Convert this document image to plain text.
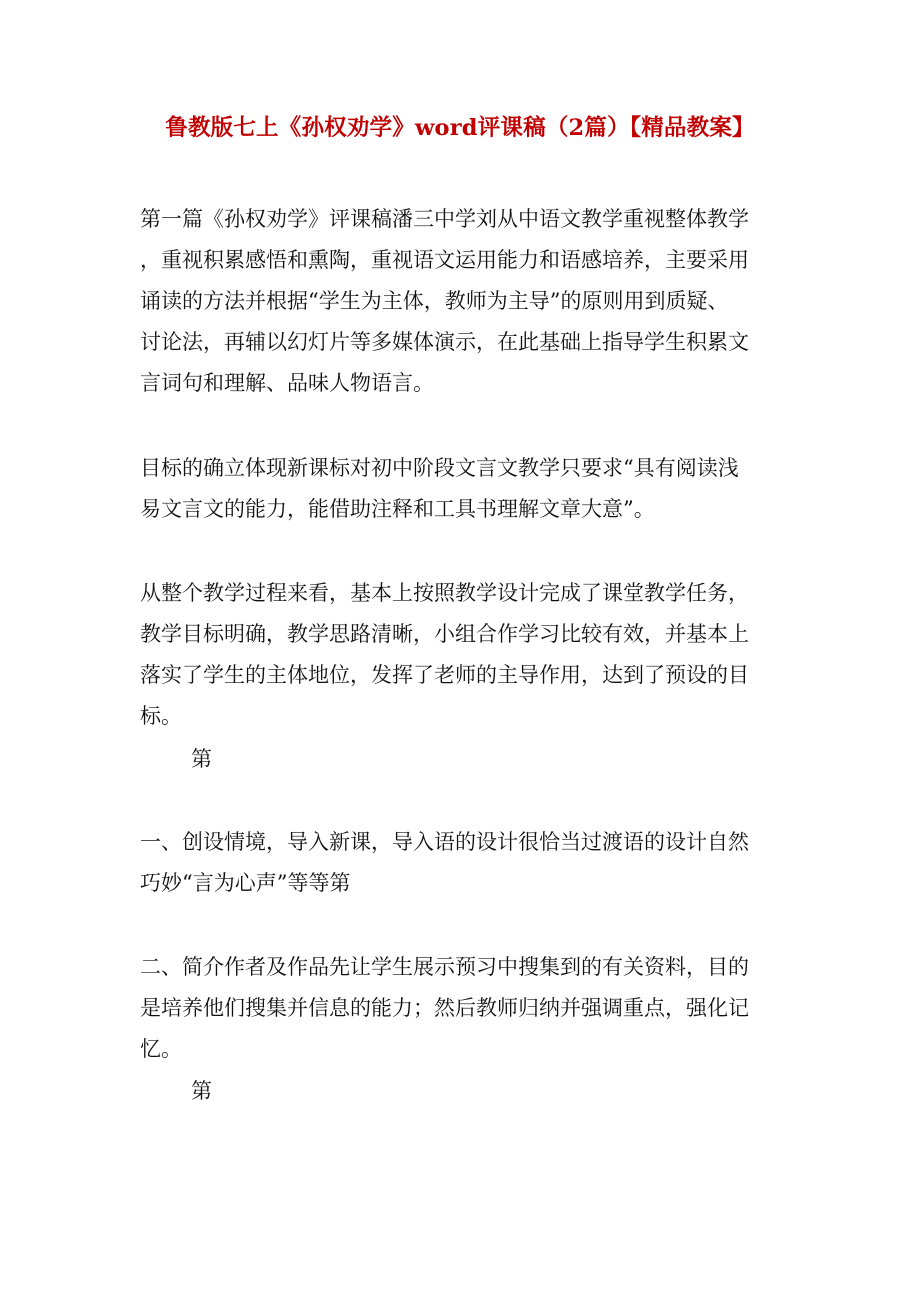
鲁教版七上《孙权劝学》word评课稿（2篇）【精品教案】
第一篇《孙权劝学》评课稿潘三中学刘从中语文教学重视整体教学
，重视积累感悟和熏陶，重视语文运用能力和语感培养，主要采用
诵读的方法并根据“学生为主体，教师为主导”的原则用到质疑、
讨论法，再辅以幻灯片等多媒体演示，在此基础上指导学生积累文
言词句和理解、品味人物语言。
目标的确立体现新课标对初中阶段文言文教学只要求“具有阅读浅
易文言文的能力，能借助注释和工具书理解文章大意”。
从整个教学过程来看，基本上按照教学设计完成了课堂教学任务，
教学目标明确，教学思路清晰，小组合作学习比较有效，并基本上
落实了学生的主体地位，发挥了老师的主导作用，达到了预设的目
标。
第
一、创设情境，导入新课，导入语的设计很恰当过渡语的设计自然
巧妙“言为心声”等等第
二、简介作者及作品先让学生展示预习中搜集到的有关资料，目的
是培养他们搜集并信息的能力；然后教师归纳并强调重点，强化记
忆。
第
